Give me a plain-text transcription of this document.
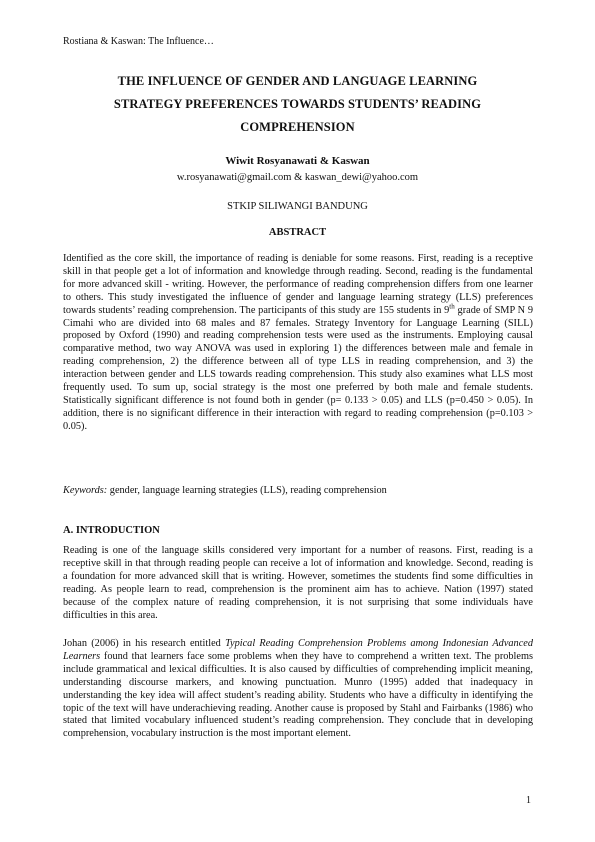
Rostiana & Kaswan: The Influence…
THE INFLUENCE OF GENDER AND LANGUAGE LEARNING
STRATEGY PREFERENCES TOWARDS STUDENTS’ READING
COMPREHENSION
Wiwit Rosyanawati & Kaswan
w.rosyanawati@gmail.com & kaswan_dewi@yahoo.com
STKIP SILIWANGI BANDUNG
ABSTRACT

Identified as the core skill, the importance of reading is deniable for some reasons. First, reading is a receptive skill in that people get a lot of information and knowledge through reading. Second, reading is the fundamental for more advanced skill - writing. However, the performance of reading comprehension differs from one learner to others. This study investigated the influence of gender and language learning strategy (LLS) preferences towards students’ reading comprehension. The participants of this study are 155 students in 9th grade of SMP N 9 Cimahi who are divided into 68 males and 87 females. Strategy Inventory for Language Learning (SILL) proposed by Oxford (1990) and reading comprehension tests were used as the instruments. Employing causal comparative method, two way ANOVA was used in exploring 1) the differences between male and female in reading comprehension, 2) the difference between all of type LLS in reading comprehension, and 3) the interaction between gender and LLS towards reading comprehension. This study also examines what LLS most frequently used. To sum up, social strategy is the most one preferred by both male and female students. Statistically significant difference is not found both in gender (p= 0.133 > 0.05) and LLS (p=0.450 > 0.05). In addition, there is no significant difference in their interaction with regard to reading comprehension (p=0.103 > 0.05).

Keywords: gender, language learning strategies (LLS), reading comprehension

A. INTRODUCTION

Reading is one of the language skills considered very important for a number of reasons. First, reading is a receptive skill in that through reading people can receive a lot of information and knowledge. Second, reading is a foundation for more advanced skill that is writing. However, sometimes the students find some difficulties in reading. As people learn to read, comprehension is the prominent aim has to achieve. Nation (1997) stated because of the complex nature of reading comprehension, it is not surprising that some individuals have difficulties in this area.

Johan (2006) in his research entitled Typical Reading Comprehension Problems among Indonesian Advanced Learners found that learners face some problems when they have to comprehend a written text. The problems include grammatical and lexical difficulties. It is also caused by difficulties of comprehending implicit meaning, understanding discourse markers, and knowing punctuation. Munro (1995) added that inadequacy in understanding the key idea will affect student’s reading ability. Students who have a difficulty in identifying the topic of the text will have underachieving reading. Another cause is proposed by Stahl and Fairbanks (1986) who stated that limited vocabulary influenced student’s reading comprehension. They conclude that in developing comprehension, vocabulary instruction is the most important element.

1
